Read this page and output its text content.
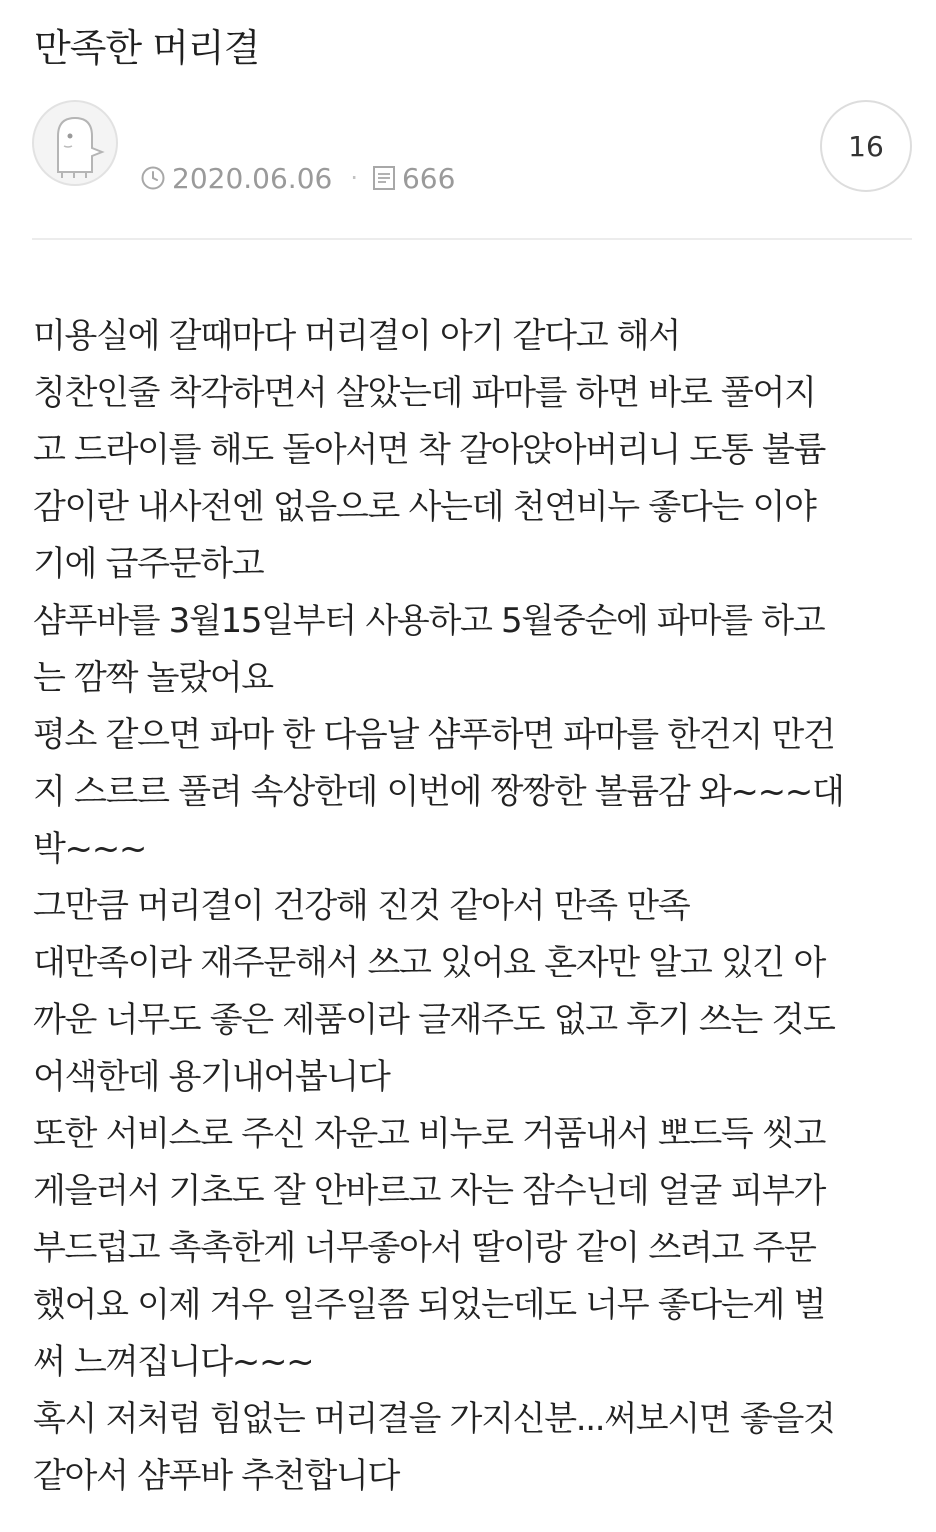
만족한 머리결
2020.06.06 · 666
16
미용실에 갈때마다 머리결이 아기 같다고 해서
칭찬인줄 착각하면서 살았는데 파마를 하면 바로 풀어지
고 드라이를 해도 돌아서면 착 갈아앉아버리니 도통 불륨
감이란 내사전엔 없음으로 사는데 천연비누 좋다는 이야
기에 급주문하고
샴푸바를 3월15일부터 사용하고 5월중순에 파마를 하고
는 깜짝 놀랐어요
평소 같으면 파마 한 다음날 샴푸하면 파마를 한건지 만건
지 스르르 풀려 속상한데 이번에 짱짱한 볼륨감 와~~~대
박~~~
그만큼 머리결이 건강해 진것 같아서 만족 만족
대만족이라 재주문해서 쓰고 있어요 혼자만 알고 있긴 아
까운 너무도 좋은 제품이라 글재주도 없고 후기 쓰는 것도
어색한데 용기내어봅니다
또한 서비스로 주신 자운고 비누로 거품내서 뽀드득 씻고
게을러서 기초도 잘 안바르고 자는 잠수닌데 얼굴 피부가
부드럽고 촉촉한게 너무좋아서 딸이랑 같이 쓰려고 주문
했어요 이제 겨우 일주일쯤 되었는데도 너무 좋다는게 벌
써 느껴집니다~~~
혹시 저처럼 힘없는 머리결을 가지신분...써보시면 좋을것
같아서 샴푸바 추천합니다
